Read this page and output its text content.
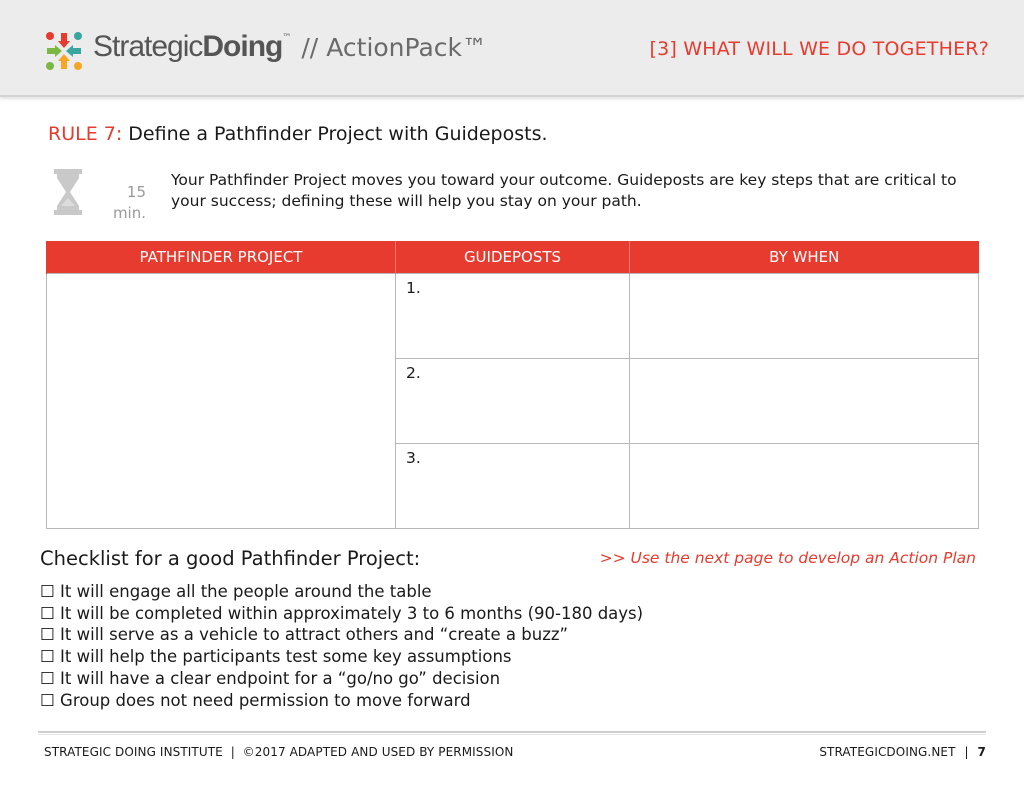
Strategic Doing ™ // ActionPack™	[3] WHAT WILL WE DO TOGETHER?
RULE 7: Define a Pathfinder Project with Guideposts.
15
min.
Your Pathfinder Project moves you toward your outcome. Guideposts are key steps that are critical to your success; defining these will help you stay on your path.
PATHFINDER PROJECT	GUIDEPOSTS	BY WHEN
	1.	
	2.	
	3.	
Checklist for a good Pathfinder Project:	>> Use the next page to develop an Action Plan
☐ It will engage all the people around the table
☐ It will be completed within approximately 3 to 6 months (90-180 days)
☐ It will serve as a vehicle to attract others and “create a buzz”
☐ It will help the participants test some key assumptions
☐ It will have a clear endpoint for a “go/no go” decision
☐ Group does not need permission to move forward
STRATEGIC DOING INSTITUTE  |  ©2017 ADAPTED AND USED BY PERMISSION	STRATEGICDOING.NET | 7
